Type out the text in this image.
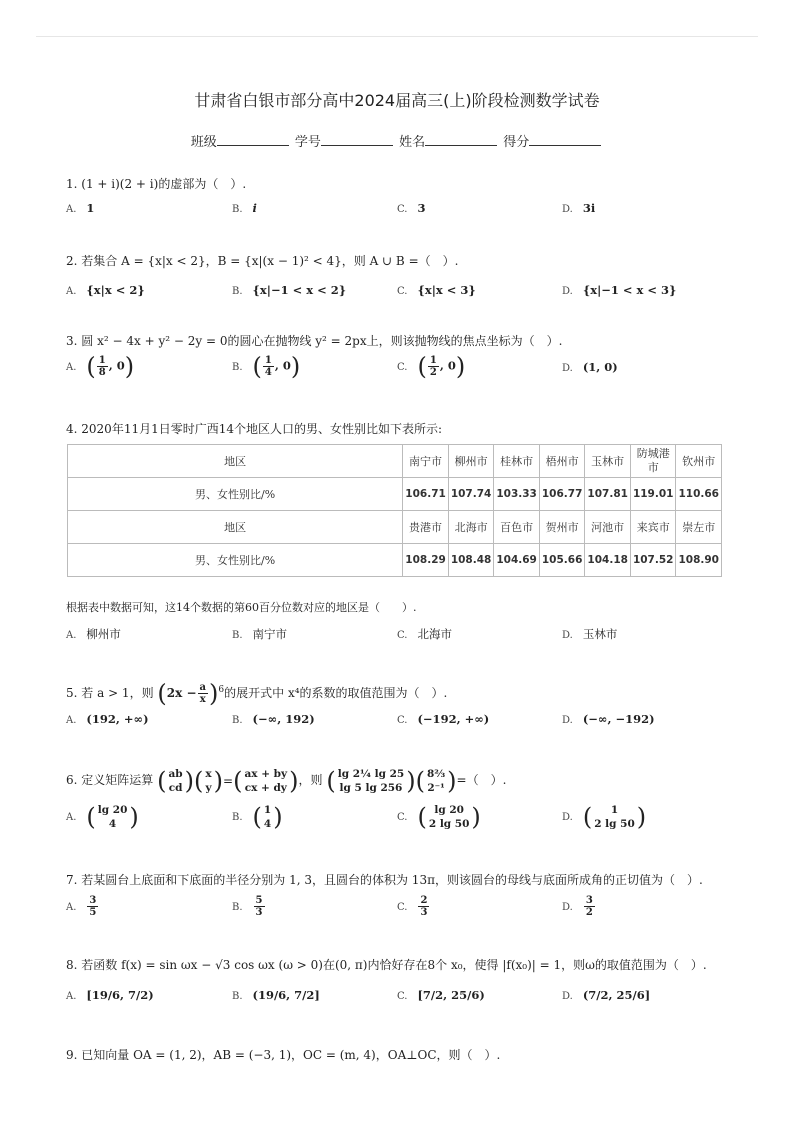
甘肃省白银市部分高中2024届高三(上)阶段检测数学试卷
班级	学号	姓名	得分
1. (1 + i)(2 + i)的虚部为（　）.
A. 1	B. i	C. 3	D. 3i
2. 若集合 A = {x|x < 2}，B = {x|(x − 1)² < 4}，则 A ∪ B =（　）.
A. {x|x < 2}	B. {x|−1 < x < 2}	C. {x|x < 3}	D. {x|−1 < x < 3}
3. 圆 x² − 4x + y² − 2y = 0的圆心在抛物线 y² = 2px上，则该抛物线的焦点坐标为（　）.
A. ( $\frac{1}{8}$ , 0)	B. ( $\frac{1}{4}$ , 0)	C. ( $\frac{1}{2}$ , 0)	D. (1, 0)
4. 2020年11月1日零时广西14个地区人口的男、女性别比如下表所示:
地区	南宁市	柳州市	桂林市	梧州市	玉林市	防城港市	钦州市
男、女性别比/%	106.71	107.74	103.33	106.77	107.81	119.01	110.66
地区	贵港市	北海市	百色市	贺州市	河池市	来宾市	崇左市
男、女性别比/%	108.29	108.48	104.69	105.66	104.18	107.52	108.90
根据表中数据可知，这14个数据的第60百分位数对应的地区是（　　）.
A. 柳州市	B. 南宁市	C. 北海市	D. 玉林市
5. 若 a > 1，则 $(2x - \frac{a}{x} )^6$的展开式中 x⁴的系数的取值范围为（　）.
A. (192, +∞)	B. (−∞, 192)	C. (−192, +∞)	D. (−∞, −192)
6. 定义矩阵运算 ( ab
cd ) ( x
y ) = ( ax + by
cx + dy ) ，则 ( lg 2¼ lg 25
lg 5 lg 256 ) ( 8⅔
2⁻¹ ) =（　）.
A. ( lg 20
4 )	B. ( 1
4 )	C. ( lg 20
2 lg 50 )	D. (	1
2 lg 50 )
7. 若某圆台上底面和下底面的半径分别为 1, 3，且圆台的体积为 13π，则该圆台的母线与底面所成角的正切值为（　）.
A. $\frac{3}{5}$	B. $\frac{5}{3}$	C. $\frac{2}{3}$	D. $\frac{3}{2}$
8. 若函数 f(x) = sin ωx − √3 cos ωx (ω > 0)在(0, π)内恰好存在8个 x₀，使得 |f(x₀)| = 1，则ω的取值范围为（　）.
A. [19/6, 7/2)	B. (19/6, 7/2]	C. [7/2, 25/6)	D. (7/2, 25/6]
9. 已知向量 OA = (1, 2)，AB = (−3, 1)，OC = (m, 4)，OA⊥OC，则（　）.
